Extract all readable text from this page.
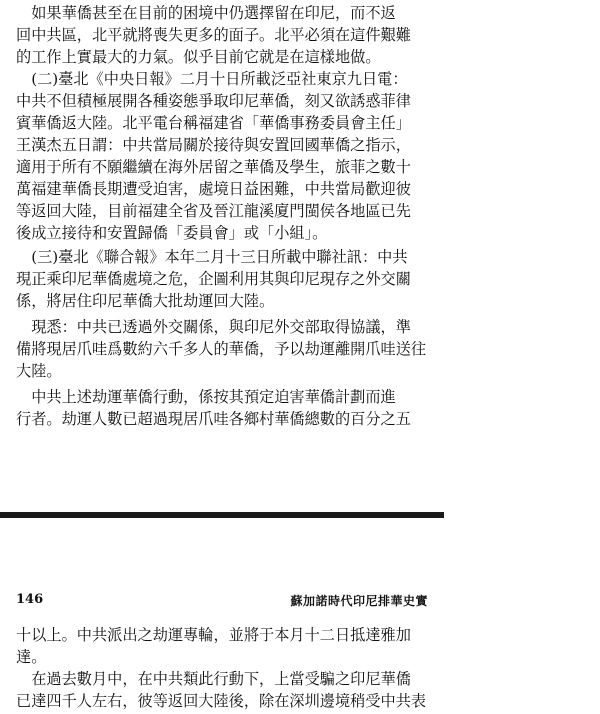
　如果華僑甚至在目前的困境中仍選擇留在印尼，而不返
回中共區，北平就將喪失更多的面子。北平必須在這件艱難
的工作上實最大的力氣。似乎目前它就是在這樣地做。
　(二)臺北《中央日報》二月十日所載泛亞社東京九日電：
中共不但積極展開各種姿態爭取印尼華僑，刻又欲誘惑菲律
賓華僑返大陸。北平電台稱福建省「華僑事務委員會主任」
王漢杰五日謂：中共當局關於接待與安置回國華僑之指示，
適用于所有不願繼續在海外居留之華僑及學生，旅菲之數十
萬福建華僑長期遭受迫害，處境日益困難，中共當局歡迎彼
等返回大陸，目前福建全省及晉江龍溪廈門閩侯各地區已先
後成立接待和安置歸僑「委員會」或「小組」。
　(三)臺北《聯合報》本年二月十三日所載中聯社訊：中共
現正乘印尼華僑處境之危，企圖利用其與印尼現存之外交關
係，將居住印尼華僑大批劫運回大陸。
　現悉：中共已透過外交關係，與印尼外交部取得協議，準
備將現居爪哇爲數約六千多人的華僑，予以劫運離開爪哇送往
大陸。
　中共上述劫運華僑行動，係按其預定迫害華僑計劃而進
行者。劫運人數已超過現居爪哇各鄉村華僑總數的百分之五
146	蘇加諾時代印尼排華史實
十以上。中共派出之劫運專輪，並將于本月十二日抵達雅加
達。
　在過去數月中，在中共類此行動下，上當受騙之印尼華僑
已達四千人左右，彼等返回大陸後，除在深圳邊境稍受中共表
